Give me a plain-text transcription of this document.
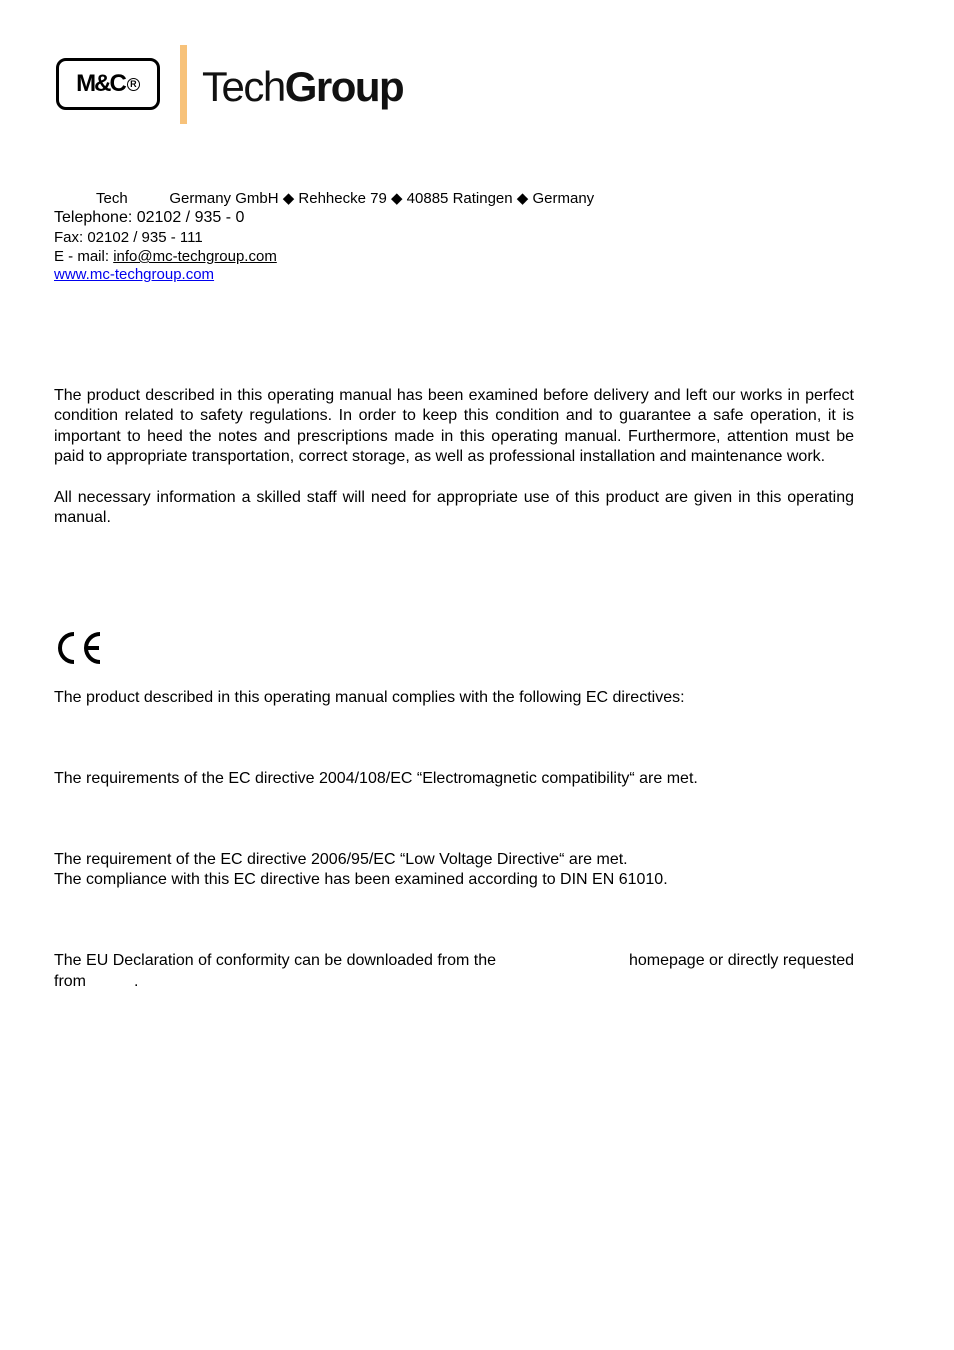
M&C R TechGroup
Tech          Germany GmbH ◆ Rehhecke 79 ◆ 40885 Ratingen ◆ Germany
Telephone: 02102 / 935 - 0
Fax: 02102 / 935 - 111
E - mail: info@mc-techgroup.com
www.mc-techgroup.com
The product described in this operating manual has been examined before delivery and left our works in perfect condition related to safety regulations. In order to keep this condition and to guarantee a safe operation, it is important to heed the notes and prescriptions made in this operating manual. Furthermore, attention must be paid to appropriate transportation, correct storage, as well as professional installation and maintenance work.
All necessary information a skilled staff will need for appropriate use of this product are given in this operating manual.
The product described in this operating manual complies with the following EC directives:
The requirements of the EC directive 2004/108/EC “Electromagnetic compatibility“ are met.
The requirement of the EC directive 2006/95/EC “Low Voltage Directive“ are met.
The compliance with this EC directive has been examined according to DIN EN 61010.
The EU Declaration of conformity can be downloaded from the	homepage or directly requested
from	.
